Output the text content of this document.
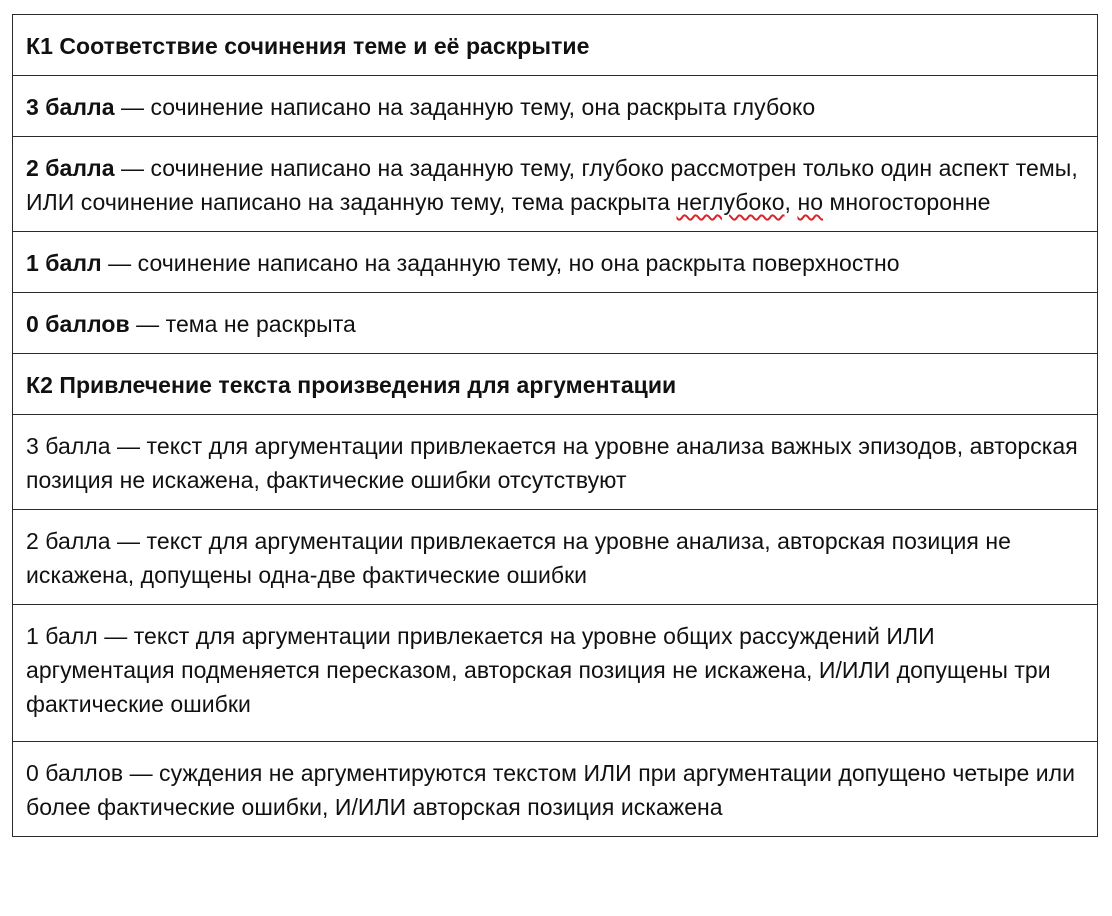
К1 Соответствие сочинения теме и её раскрытие
3 балла — сочинение написано на заданную тему, она раскрыта глубоко
2 балла — сочинение написано на заданную тему, глубоко рассмотрен только один аспект темы, ИЛИ сочинение написано на заданную тему, тема раскрыта неглубоко, но многосторонне
1 балл — сочинение написано на заданную тему, но она раскрыта поверхностно
0 баллов — тема не раскрыта
К2 Привлечение текста произведения для аргументации
3 балла — текст для аргументации привлекается на уровне анализа важных эпизодов, авторская позиция не искажена, фактические ошибки отсутствуют
2 балла — текст для аргументации привлекается на уровне анализа, авторская позиция не искажена, допущены одна-две фактические ошибки
1 балл — текст для аргументации привлекается на уровне общих рассуждений ИЛИ аргументация подменяется пересказом, авторская позиция не искажена, И/ИЛИ допущены три фактические ошибки
0 баллов — суждения не аргументируются текстом ИЛИ при аргументации допущено четыре или более фактические ошибки, И/ИЛИ авторская позиция искажена
